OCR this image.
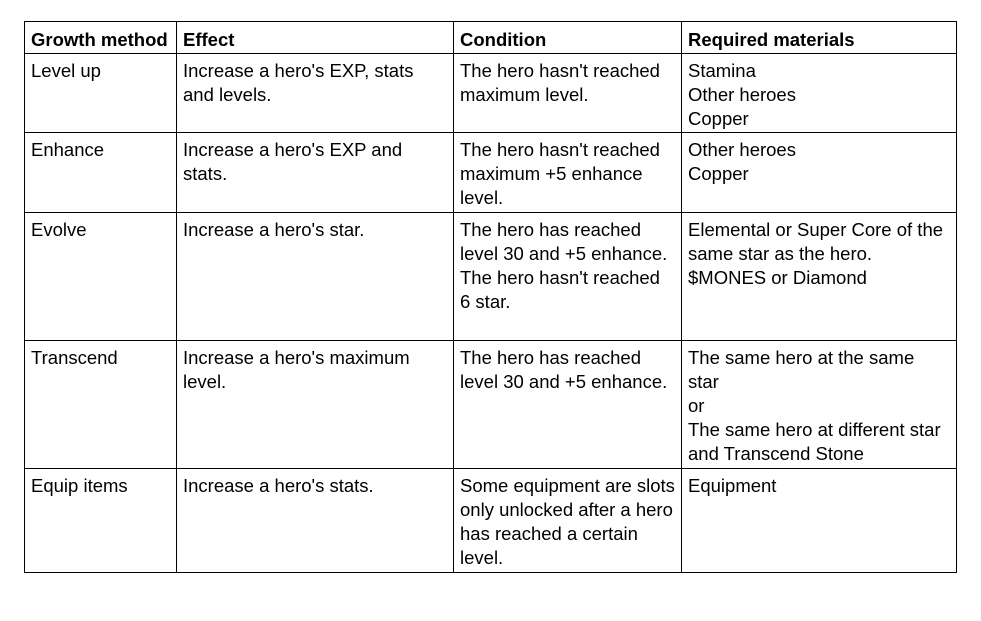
Growth method	Effect	Condition	Required materials
Level up	Increase a hero's EXP, stats and levels.	The hero hasn't reached maximum level.	Stamina
Other heroes
Copper

Enhance	Increase a hero's EXP and stats.	The hero hasn't reached maximum +5 enhance level.	Other heroes
Copper

Evolve	Increase a hero's star.	The hero has reached level 30 and +5 enhance.
The hero hasn't reached 6 star.	Elemental or Super Core of the same star as the hero.
$MONES or Diamond

Transcend	Increase a hero's maximum level.	The hero has reached level 30 and +5 enhance.	The same hero at the same star
or
The same hero at different star and Transcend Stone

Equip items	Increase a hero's stats.	Some equipment are slots only unlocked after a hero has reached a certain level.	Equipment
